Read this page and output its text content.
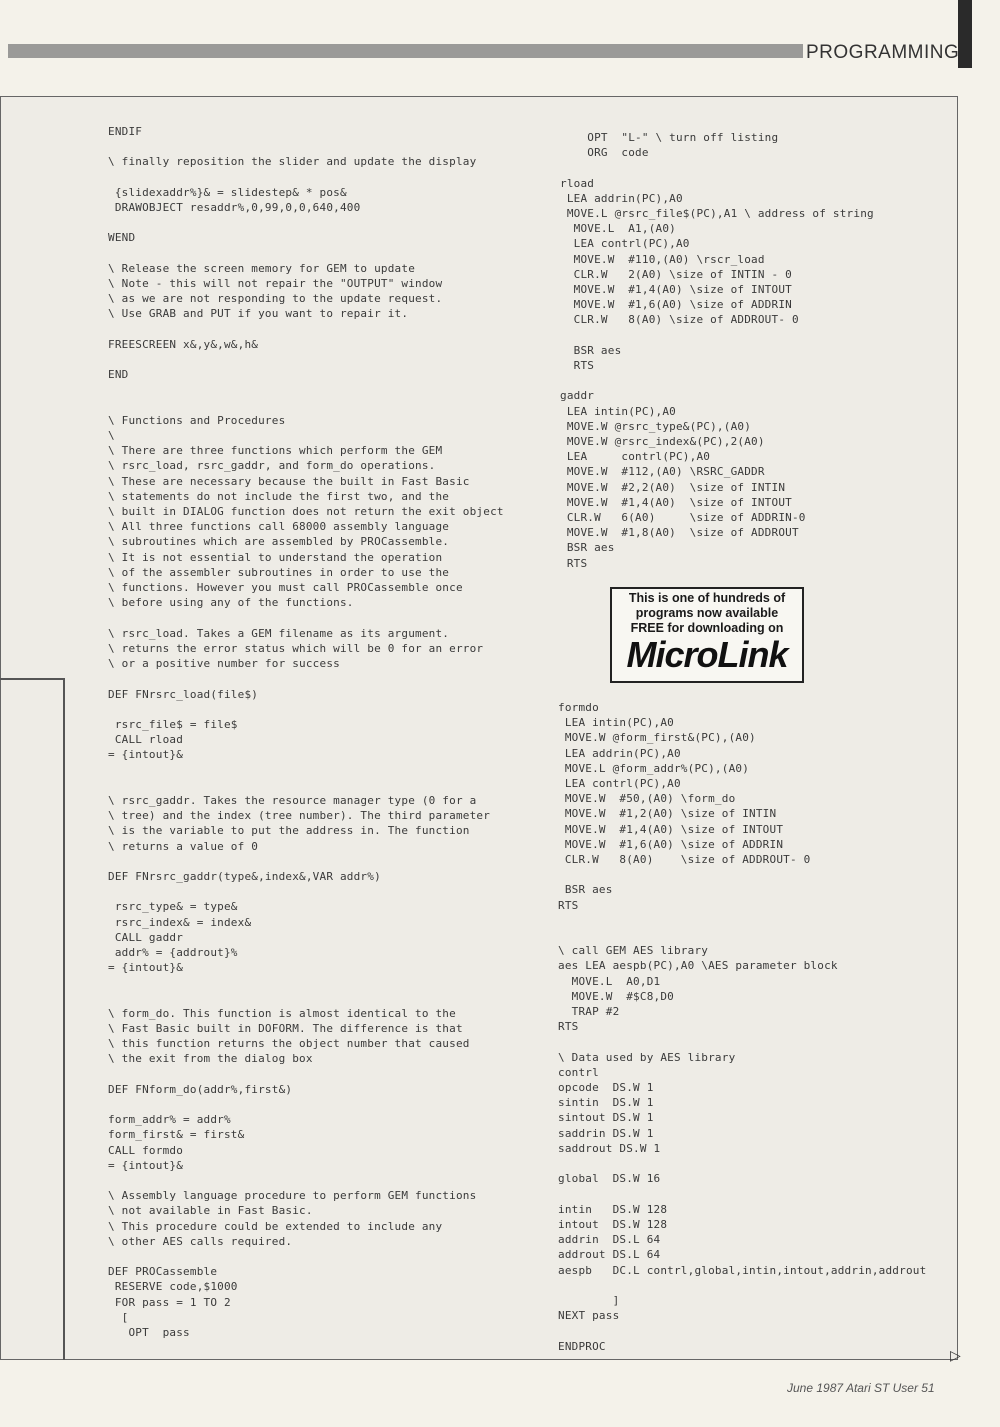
PROGRAMMING
ENDIF

\ finally reposition the slider and update the display

{slidexaddr%}& = slidestep& * pos&
DRAWOBJECT resaddr%,0,99,0,0,640,400

WEND

\ Release the screen memory for GEM to update
\ Note - this will not repair the "OUTPUT" window
\ as we are not responding to the update request.
\ Use GRAB and PUT if you want to repair it.

FREESCREEN x&,y&,w&,h&

END

\ Functions and Procedures
\
\ There are three functions which perform the GEM
\ rsrc_load, rsrc_gaddr, and form_do operations.
\ These are necessary because the built in Fast Basic
\ statements do not include the first two, and the
\ built in DIALOG function does not return the exit object
\ All three functions call 68000 assembly language
\ subroutines which are assembled by PROCassemble.
\ It is not essential to understand the operation
\ of the assembler subroutines in order to use the
\ functions. However you must call PROCassemble once
\ before using any of the functions.

\ rsrc_load. Takes a GEM filename as its argument.
\ returns the error status which will be 0 for an error
\ or a positive number for success

DEF FNrsrc_load(file$)

rsrc_file$ = file$
CALL rload
= {intout}&

\ rsrc_gaddr. Takes the resource manager type (0 for a
\ tree) and the index (tree number). The third parameter
\ is the variable to put the address in. The function
\ returns a value of 0

DEF FNrsrc_gaddr(type&,index&,VAR addr%)

rsrc_type& = type&
rsrc_index& = index&
CALL gaddr
addr% = {addrout}%
= {intout}&

\ form_do. This function is almost identical to the
\ Fast Basic built in DOFORM. The difference is that
\ this function returns the object number that caused
\ the exit from the dialog box

DEF FNform_do(addr%,first&)

form_addr% = addr%
form_first& = first&
CALL formdo
= {intout}&

\ Assembly language procedure to perform GEM functions
\ not available in Fast Basic.
\ This procedure could be extended to include any
\ other AES calls required.

DEF PROCassemble
RESERVE code,$1000
FOR pass = 1 TO 2
[
OPT  pass
OPT  "L-" \ turn off listing
ORG  code

rload
LEA addrin(PC),A0
MOVE.L @rsrc_file$(PC),A1 \ address of string
MOVE.L  A1,(A0)
LEA contrl(PC),A0
MOVE.W  #110,(A0) \rscr_load
CLR.W   2(A0) \size of INTIN - 0
MOVE.W  #1,4(A0) \size of INTOUT
MOVE.W  #1,6(A0) \size of ADDRIN
CLR.W   8(A0) \size of ADDROUT- 0

BSR aes
RTS

gaddr
LEA intin(PC),A0
MOVE.W @rsrc_type&(PC),(A0)
MOVE.W @rsrc_index&(PC),2(A0)
LEA     contrl(PC),A0
MOVE.W  #112,(A0) \RSRC_GADDR
MOVE.W  #2,2(A0)  \size of INTIN
MOVE.W  #1,4(A0)  \size of INTOUT
CLR.W   6(A0)     \size of ADDRIN-0
MOVE.W  #1,8(A0)  \size of ADDROUT
BSR aes
RTS
formdo
LEA intin(PC),A0
MOVE.W @form_first&(PC),(A0)
LEA addrin(PC),A0
MOVE.L @form_addr%(PC),(A0)
LEA contrl(PC),A0
MOVE.W  #50,(A0) \form_do
MOVE.W  #1,2(A0) \size of INTIN
MOVE.W  #1,4(A0) \size of INTOUT
MOVE.W  #1,6(A0) \size of ADDRIN
CLR.W   8(A0)    \size of ADDROUT- 0

BSR aes
RTS

\ call GEM AES library
aes LEA aespb(PC),A0 \AES parameter block
MOVE.L  A0,D1
MOVE.W  #$C8,D0
TRAP #2
RTS

\ Data used by AES library
contrl
opcode  DS.W 1
sintin  DS.W 1
sintout DS.W 1
saddrin DS.W 1
saddrout DS.W 1

global  DS.W 16

intin   DS.W 128
intout  DS.W 128
addrin  DS.L 64
addrout DS.L 64
aespb   DC.L contrl,global,intin,intout,addrin,addrout

]
NEXT pass

ENDPROC
This is one of hundreds of
programs now available
FREE for downloading on
MicroLink
▷
June 1987 Atari ST User 51
